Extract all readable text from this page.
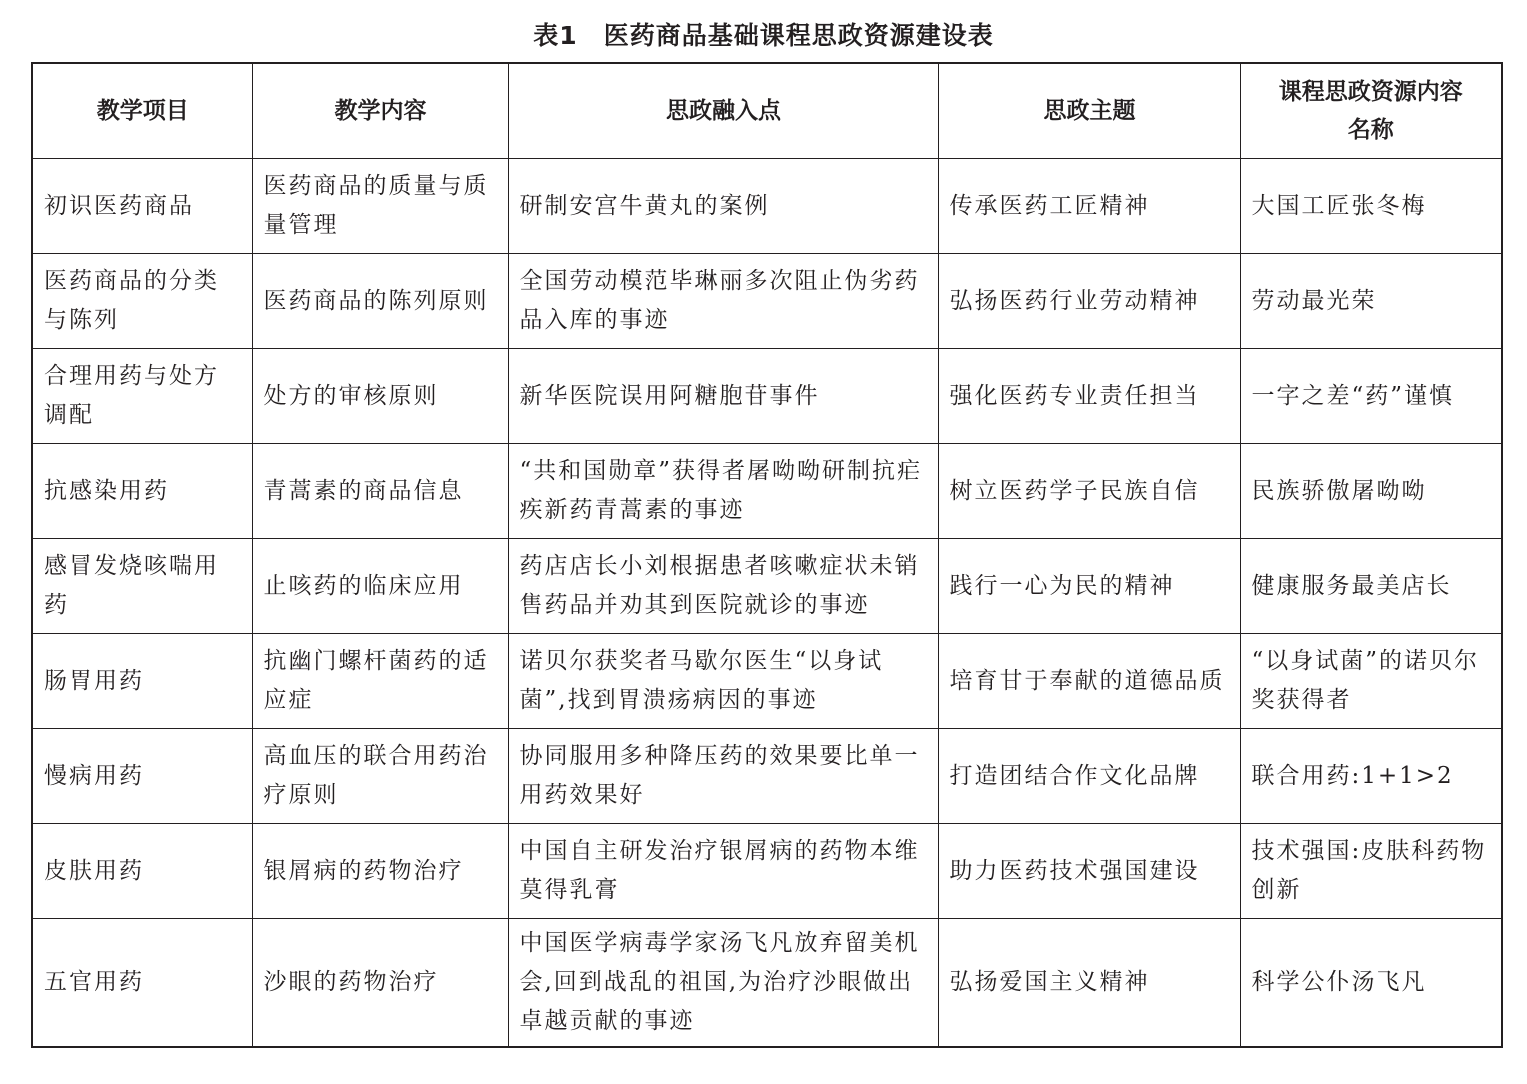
表1 医药商品基础课程思政资源建设表
教学项目	教学内容	思政融入点	思政主题	课程思政资源内容名称
初识医药商品	医药商品的质量与质量管理	研制安宫牛黄丸的案例	传承医药工匠精神	大国工匠张冬梅
医药商品的分类与陈列	医药商品的陈列原则	全国劳动模范毕琳丽多次阻止伪劣药品入库的事迹	弘扬医药行业劳动精神	劳动最光荣
合理用药与处方调配	处方的审核原则	新华医院误用阿糖胞苷事件	强化医药专业责任担当	一字之差“药”谨慎
抗感染用药	青蒿素的商品信息	“共和国勋章”获得者屠呦呦研制抗疟疾新药青蒿素的事迹	树立医药学子民族自信	民族骄傲屠呦呦
感冒发烧咳喘用药	止咳药的临床应用	药店店长小刘根据患者咳嗽症状未销售药品并劝其到医院就诊的事迹	践行一心为民的精神	健康服务最美店长
肠胃用药	抗幽门螺杆菌药的适应症	诺贝尔获奖者马歇尔医生“以身试菌”,找到胃溃疡病因的事迹	培育甘于奉献的道德品质	“以身试菌”的诺贝尔奖获得者
慢病用药	高血压的联合用药治疗原则	协同服用多种降压药的效果要比单一用药效果好	打造团结合作文化品牌	联合用药:1+1>2
皮肤用药	银屑病的药物治疗	中国自主研发治疗银屑病的药物本维莫得乳膏	助力医药技术强国建设	技术强国:皮肤科药物创新
五官用药	沙眼的药物治疗	中国医学病毒学家汤飞凡放弃留美机会,回到战乱的祖国,为治疗沙眼做出卓越贡献的事迹	弘扬爱国主义精神	科学公仆汤飞凡
